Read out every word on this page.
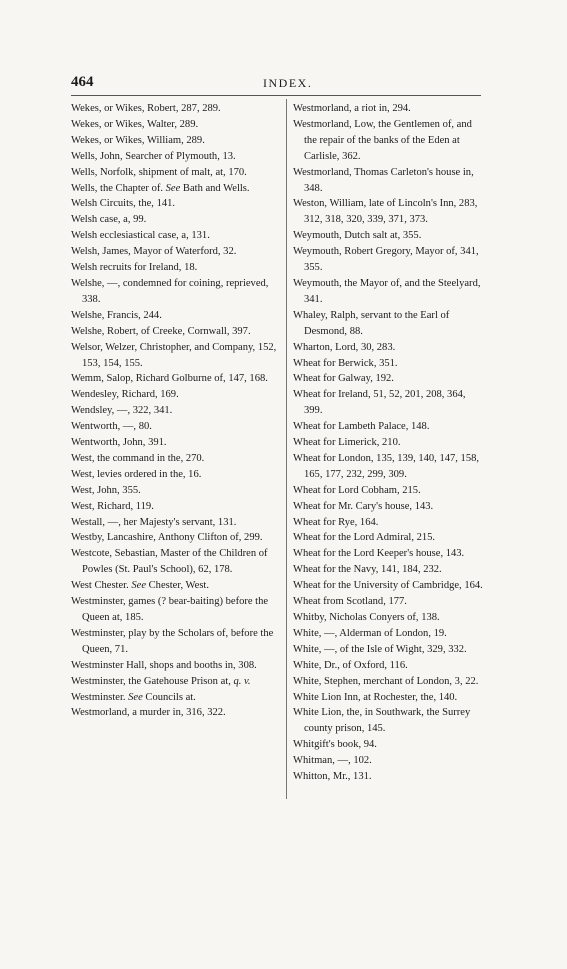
464	INDEX.
Wekes, or Wikes, Robert, 287, 289.
Wekes, or Wikes, Walter, 289.
Wekes, or Wikes, William, 289.
Wells, John, Searcher of Plymouth, 13.
Wells, Norfolk, shipment of malt, at, 170.
Wells, the Chapter of. See Bath and Wells.
Welsh Circuits, the, 141.
Welsh case, a, 99.
Welsh ecclesiastical case, a, 131.
Welsh, James, Mayor of Waterford, 32.
Welsh recruits for Ireland, 18.
Welshe, —, condemned for coining, reprieved, 338.
Welshe, Francis, 244.
Welshe, Robert, of Creeke, Cornwall, 397.
Welsor, Welzer, Christopher, and Company, 152, 153, 154, 155.
Wemm, Salop, Richard Golburne of, 147, 168.
Wendesley, Richard, 169.
Wendsley, —, 322, 341.
Wentworth, —, 80.
Wentworth, John, 391.
West, the command in the, 270.
West, levies ordered in the, 16.
West, John, 355.
West, Richard, 119.
Westall, —, her Majesty's servant, 131.
Westby, Lancashire, Anthony Clifton of, 299.
Westcote, Sebastian, Master of the Children of Powles (St. Paul's School), 62, 178.
West Chester. See Chester, West.
Westminster, games (? bear-baiting) before the Queen at, 185.
Westminster, play by the Scholars of, before the Queen, 71.
Westminster Hall, shops and booths in, 308.
Westminster, the Gatehouse Prison at, q. v.
Westminster. See Councils at.
Westmorland, a murder in, 316, 322.
Westmorland, a riot in, 294.
Westmorland, Low, the Gentlemen of, and the repair of the banks of the Eden at Carlisle, 362.
Westmorland, Thomas Carleton's house in, 348.
Weston, William, late of Lincoln's Inn, 283, 312, 318, 320, 339, 371, 373.
Weymouth, Dutch salt at, 355.
Weymouth, Robert Gregory, Mayor of, 341, 355.
Weymouth, the Mayor of, and the Steelyard, 341.
Whaley, Ralph, servant to the Earl of Desmond, 88.
Wharton, Lord, 30, 283.
Wheat for Berwick, 351.
Wheat for Galway, 192.
Wheat for Ireland, 51, 52, 201, 208, 364, 399.
Wheat for Lambeth Palace, 148.
Wheat for Limerick, 210.
Wheat for London, 135, 139, 140, 147, 158, 165, 177, 232, 299, 309.
Wheat for Lord Cobham, 215.
Wheat for Mr. Cary's house, 143.
Wheat for Rye, 164.
Wheat for the Lord Admiral, 215.
Wheat for the Lord Keeper's house, 143.
Wheat for the Navy, 141, 184, 232.
Wheat for the University of Cambridge, 164.
Wheat from Scotland, 177.
Whitby, Nicholas Conyers of, 138.
White, —, Alderman of London, 19.
White, —, of the Isle of Wight, 329, 332.
White, Dr., of Oxford, 116.
White, Stephen, merchant of London, 3, 22.
White Lion Inn, at Rochester, the, 140.
White Lion, the, in Southwark, the Surrey county prison, 145.
Whitgift's book, 94.
Whitman, —, 102.
Whitton, Mr., 131.
